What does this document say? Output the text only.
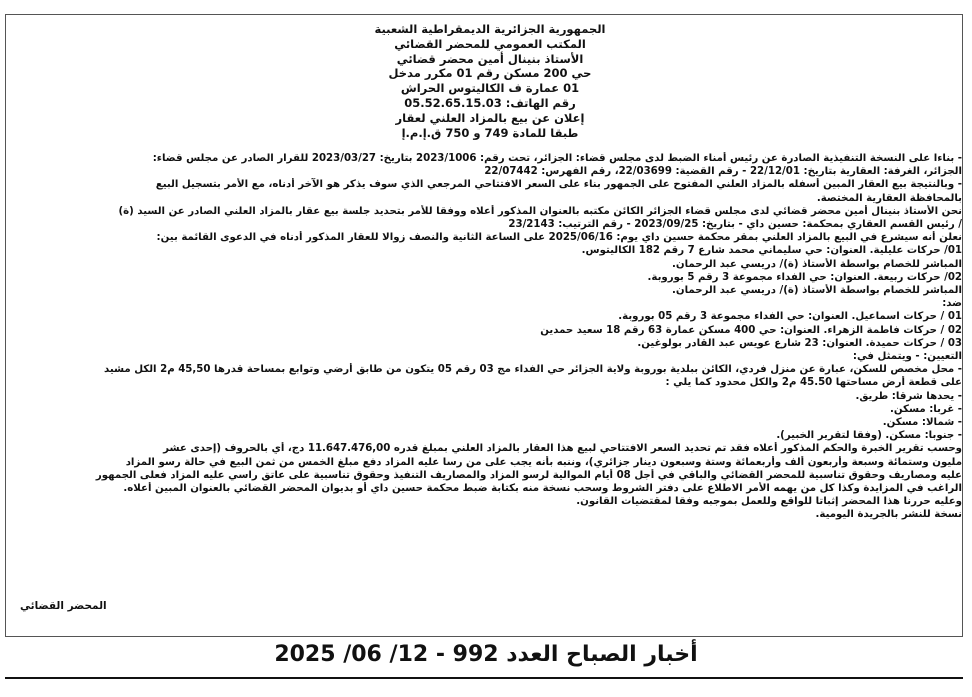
الجمهورية الجزائرية الديمقراطية الشعبية
المكتب العمومي للمحضر القضائي
الأستاذ بنينال أمين محضر قضائي
حي 200 مسكن رقم 01 مكرر مدخل
01 عمارة ف الكاليتوس الحراش
رقم الهاتف: 05.52.65.15.03
إعلان عن بيع بالمزاد العلني لعقار
طبقا للمادة 749 و 750 ق.إ.م.إ

- بناءا على النسخة التنفيذية الصادرة عن رئيس أمناء الضبط لدى مجلس قضاء: الجزائر، تحت رقم: 2023/1006 بتاريخ: 2023/03/27 للقرار الصادر عن مجلس قضاء:

الجزائر، الغرفة: العقارية بتاريخ: 22/12/01 - رقم القضية: 22/03699، رقم الفهرس: 22/07442

- وبالنتيجة بيع العقار المبين أسفله بالمزاد العلني المفتوح على الجمهور بناء على السعر الافتتاحي المرجعي الذي سوف يذكر هو الآخر أدناه، مع الأمر بتسجيل البيع

بالمحافظة العقارية المختصة.

نحن الأستاذ بنينال أمين محضر قضائي لدى مجلس قضاء الجزائر الكائن مكتبه بالعنوان المذكور أعلاه ووفقا للأمر بتحديد جلسة بيع عقار بالمزاد العلني الصادر عن السيد (ة)

/ رئيس القسم العقاري بمحكمة: حسين داي - بتاريخ: 2023/09/25 - رقم الترتيب: 23/2143

نعلن أنه سيشرع في البيع بالمزاد العلني بمقر محكمة حسين داي يوم: 2025/06/16 على الساعة الثانية والنصف زوالا للعقار المذكور أدناه في الدعوى القائمة بين:

01/ حركات عليلية. العنوان: حي سليماني محمد شارع 7 رقم 182 الكاليتوس.

المباشر للخصام بواسطة الأستاذ (ة)/ دريسي عبد الرحمان.

02/ حركات ربيعة. العنوان: حي الفداء مجموعة 3 رقم 5 بوروبة.

المباشر للخصام بواسطة الأستاذ (ة)/ دريسي عبد الرحمان.

ضد:

01 / حركات اسماعيل. العنوان: حي الفداء مجموعة 3 رقم 05 بوروبة.

02 / حركات فاطمة الزهراء. العنوان: حي 400 مسكن عمارة 63 رقم 18 سعيد حمدين

03 / حركات حميدة. العنوان: 23 شارع عويس عبد القادر بولوغين.

التعيين: - ويتمثل في:

- محل مخصص للسكن، عبارة عن منزل فردي، الكائن ببلدية بوروبة ولاية الجزائر حي الفداء مج 03 رقم 05 يتكون من طابق أرضي وتوابع بمساحة قدرها 45,50 م2 الكل مشيد

على قطعة أرض مساحتها 45.50 م2 والكل محدود كما يلي :

- يحدها شرقا: طريق.

- غربا: مسكن.

- شمالا: مسكن.

- جنوبا: مسكن. (وفقا لتقرير الخبير).

وحسب تقرير الخبرة والحكم المذكور أعلاه فقد تم تحديد السعر الافتتاحي لبيع هذا العقار بالمزاد العلني بمبلغ قدره 11.647.476,00 دج، أي بالحروف (إحدى عشر

مليون وستمائة وسبعة وأربعون ألف وأربعمائة وستة وسبعون دينار جزائري)، وننبه بأنه يجب على من رسا عليه المزاد دفع مبلغ الخمس من ثمن البيع في حالة رسو المزاد

عليه ومصاريف وحقوق تناسبية للمحضر القضائي والباقي في أجل 08 أيام الموالية لرسو المزاد والمصاريف التنفيذ وحقوق تناسبية على عاتق راسي عليه المزاد فعلى الجمهور

الراغب في المزايدة وكذا كل من يهمه الأمر الاطلاع على دفتر الشروط وسحب نسخة منه بكتابة ضبط محكمة حسين داي أو بديوان المحضر القضائي بالعنوان المبين أعلاه.

وعليه حررنا هذا المحضر إثباتا للواقع وللعمل بموجبه وفقا لمقتضيات القانون.

نسخة للنشر بالجريدة اليومية.

المحضر القضائي
أخبار الصباح العدد 992 - 12/ 06/ 2025
